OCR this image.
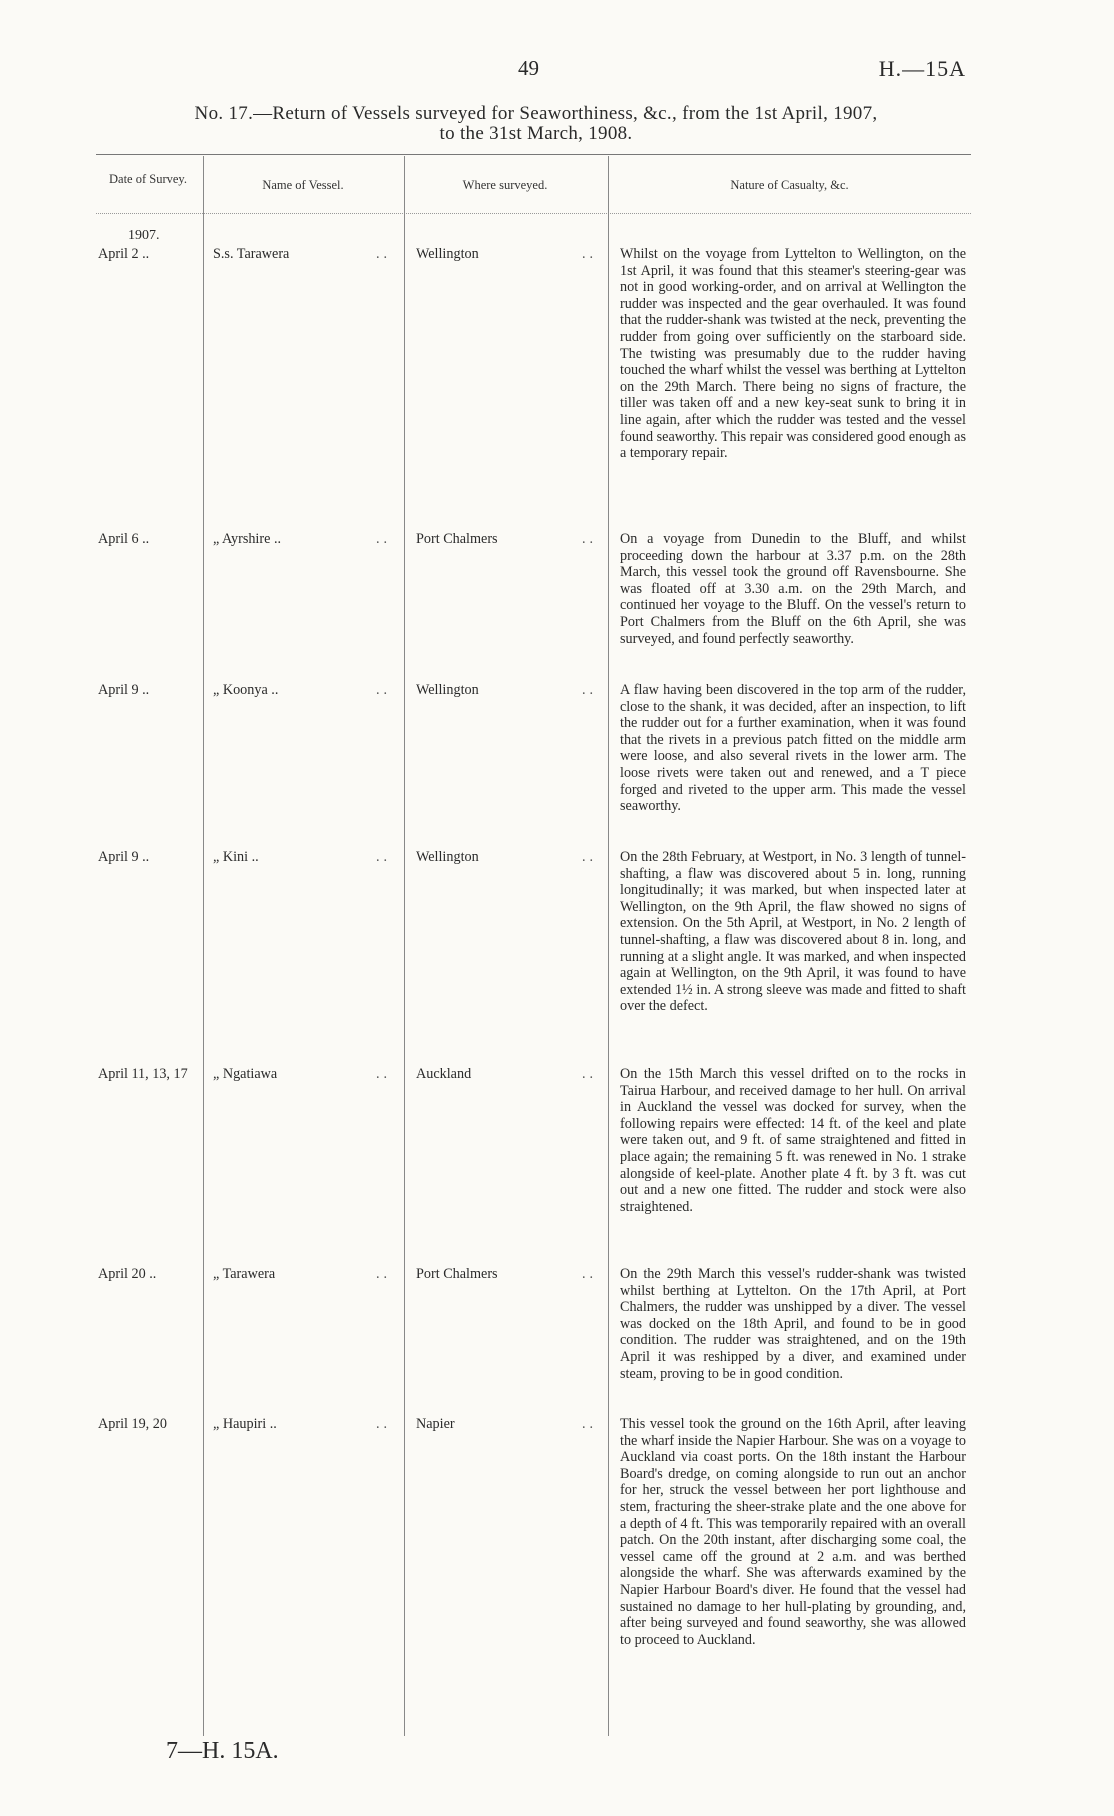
49	H.—15A
No. 17.—Return of Vessels surveyed for Seaworthiness, &c., from the 1st April, 1907,
to the 31st March, 1908.
Date of Survey.	Name of Vessel.	Where surveyed.	Nature of Casualty, &c.
1907.
April 2 ..	S.s. Tarawera	.. Wellington	.. Whilst on the voyage from Lyttelton to Wellington, on the 1st April, it was found that this steamer's steering-gear was not in good working-order, and on arrival at Wellington the rudder was inspected and the gear overhauled. It was found that the rudder-shank was twisted at the neck, preventing the rudder from going over sufficiently on the starboard side. The twisting was presumably due to the rudder having touched the wharf whilst the vessel was berthing at Lyttelton on the 29th March. There being no signs of fracture, the tiller was taken off and a new key-seat sunk to bring it in line again, after which the rudder was tested and the vessel found seaworthy. This repair was considered good enough as a temporary repair.
April 6 ..	„ Ayrshire ..	.. Port Chalmers	.. On a voyage from Dunedin to the Bluff, and whilst proceeding down the harbour at 3.37 p.m. on the 28th March, this vessel took the ground off Ravensbourne. She was floated off at 3.30 a.m. on the 29th March, and continued her voyage to the Bluff. On the vessel's return to Port Chalmers from the Bluff on the 6th April, she was surveyed, and found perfectly seaworthy.
April 9 ..	„ Koonya ..	.. Wellington	.. A flaw having been discovered in the top arm of the rudder, close to the shank, it was decided, after an inspection, to lift the rudder out for a further examination, when it was found that the rivets in a previous patch fitted on the middle arm were loose, and also several rivets in the lower arm. The loose rivets were taken out and renewed, and a T piece forged and riveted to the upper arm. This made the vessel seaworthy.
April 9 ..	„ Kini ..	.. Wellington	.. On the 28th February, at Westport, in No. 3 length of tunnel-shafting, a flaw was discovered about 5 in. long, running longitudinally; it was marked, but when inspected later at Wellington, on the 9th April, the flaw showed no signs of extension. On the 5th April, at Westport, in No. 2 length of tunnel-shafting, a flaw was discovered about 8 in. long, and running at a slight angle. It was marked, and when inspected again at Wellington, on the 9th April, it was found to have extended 1½ in. A strong sleeve was made and fitted to shaft over the defect.
April 11, 13, 17	„ Ngatiawa	.. Auckland	.. On the 15th March this vessel drifted on to the rocks in Tairua Harbour, and received damage to her hull. On arrival in Auckland the vessel was docked for survey, when the following repairs were effected: 14 ft. of the keel and plate were taken out, and 9 ft. of same straightened and fitted in place again; the remaining 5 ft. was renewed in No. 1 strake alongside of keel-plate. Another plate 4 ft. by 3 ft. was cut out and a new one fitted. The rudder and stock were also straightened.
April 20 ..	„ Tarawera	.. Port Chalmers	.. On the 29th March this vessel's rudder-shank was twisted whilst berthing at Lyttelton. On the 17th April, at Port Chalmers, the rudder was unshipped by a diver. The vessel was docked on the 18th April, and found to be in good condition. The rudder was straightened, and on the 19th April it was reshipped by a diver, and examined under steam, proving to be in good condition.
April 19, 20	„ Haupiri ..	.. Napier	.. This vessel took the ground on the 16th April, after leaving the wharf inside the Napier Harbour. She was on a voyage to Auckland via coast ports. On the 18th instant the Harbour Board's dredge, on coming alongside to run out an anchor for her, struck the vessel between her port lighthouse and stem, fracturing the sheer-strake plate and the one above for a depth of 4 ft. This was temporarily repaired with an overall patch. On the 20th instant, after discharging some coal, the vessel came off the ground at 2 a.m. and was berthed alongside the wharf. She was afterwards examined by the Napier Harbour Board's diver. He found that the vessel had sustained no damage to her hull-plating by grounding, and, after being surveyed and found seaworthy, she was allowed to proceed to Auckland.
7—H. 15A.
